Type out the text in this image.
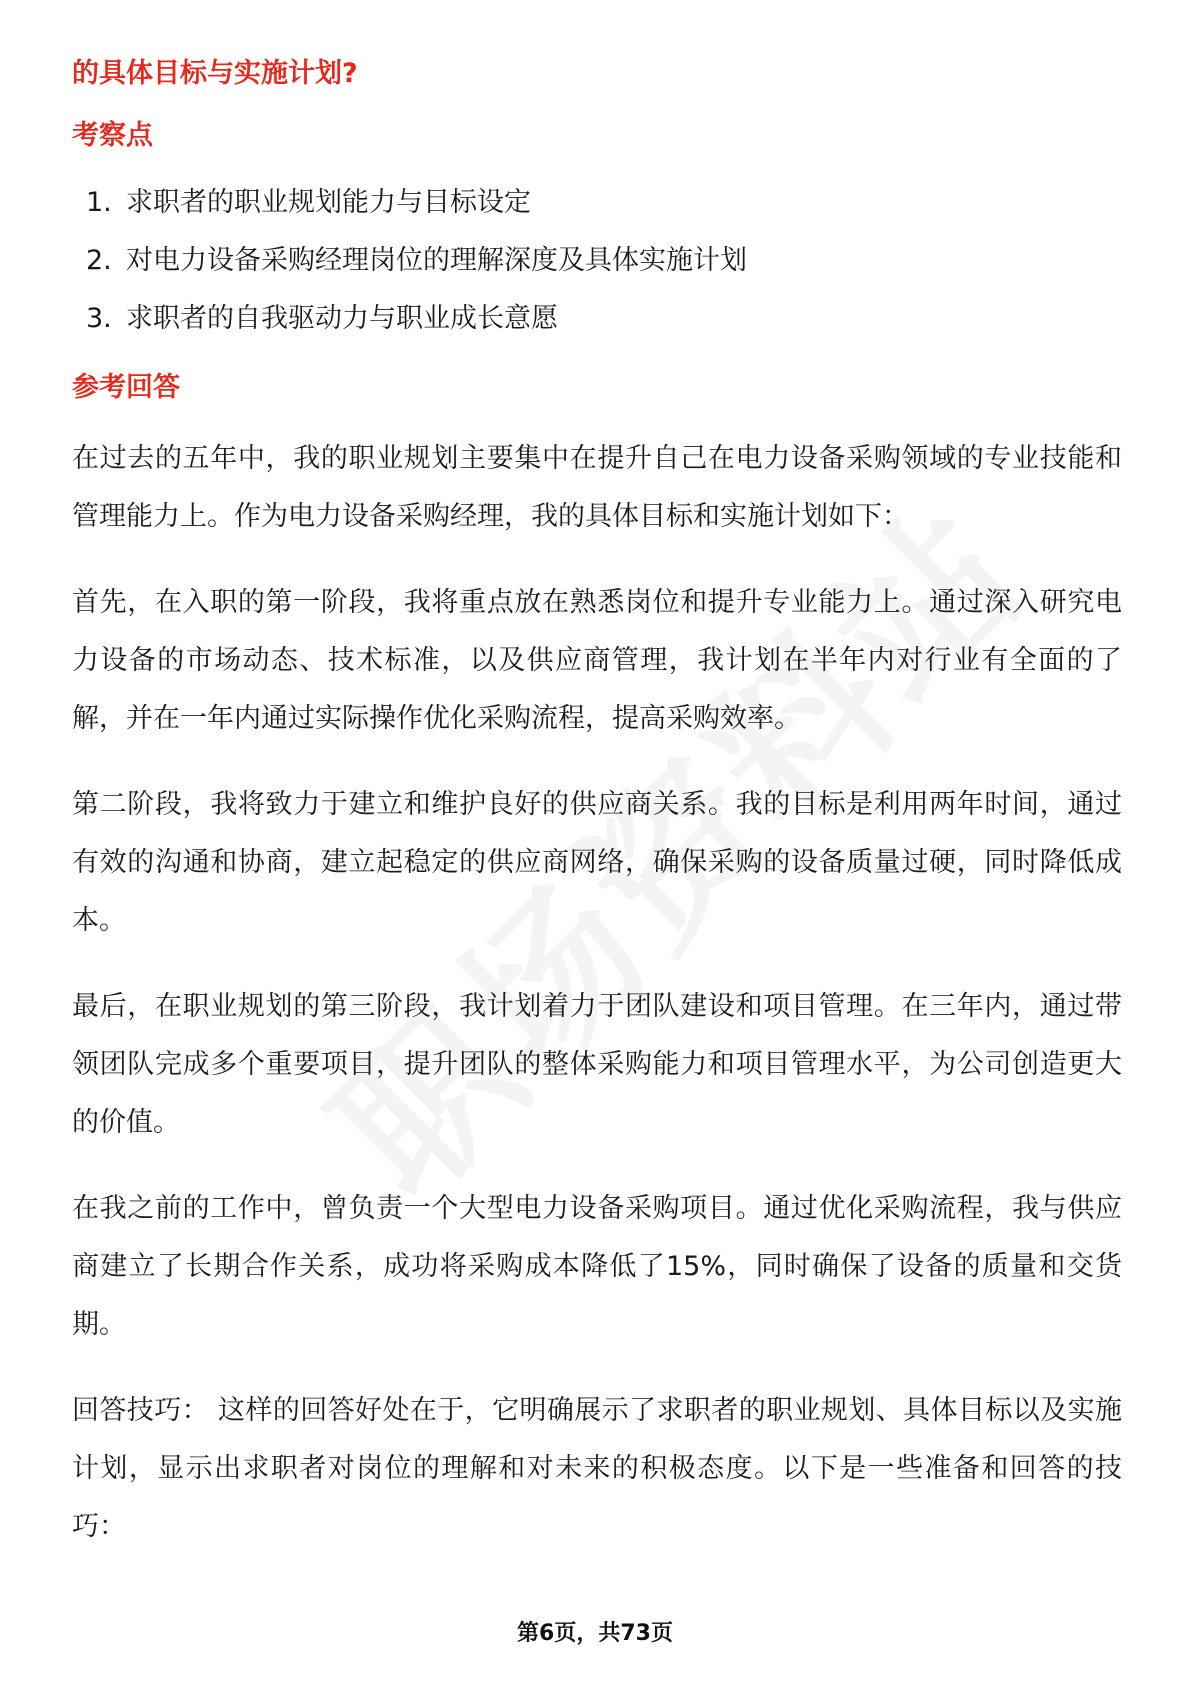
的具体目标与实施计划?
考察点
1. 求职者的职业规划能力与目标设定
2. 对电力设备采购经理岗位的理解深度及具体实施计划
3. 求职者的自我驱动力与职业成长意愿
参考回答

在过去的五年中，我的职业规划主要集中在提升自己在电力设备采购领域的专业技能和管理能力上。作为电力设备采购经理，我的具体目标和实施计划如下：

首先，在入职的第一阶段，我将重点放在熟悉岗位和提升专业能力上。通过深入研究电力设备的市场动态、技术标准，以及供应商管理，我计划在半年内对行业有全面的了解，并在一年内通过实际操作优化采购流程，提高采购效率。

第二阶段，我将致力于建立和维护良好的供应商关系。我的目标是利用两年时间，通过有效的沟通和协商，建立起稳定的供应商网络，确保采购的设备质量过硬，同时降低成本。

最后，在职业规划的第三阶段，我计划着力于团队建设和项目管理。在三年内，通过带领团队完成多个重要项目，提升团队的整体采购能力和项目管理水平，为公司创造更大的价值。

在我之前的工作中，曾负责一个大型电力设备采购项目。通过优化采购流程，我与供应商建立了长期合作关系，成功将采购成本降低了15%，同时确保了设备的质量和交货期。

回答技巧： 这样的回答好处在于，它明确展示了求职者的职业规划、具体目标以及实施计划，显示出求职者对岗位的理解和对未来的积极态度。以下是一些准备和回答的技巧：

第6页，共73页
